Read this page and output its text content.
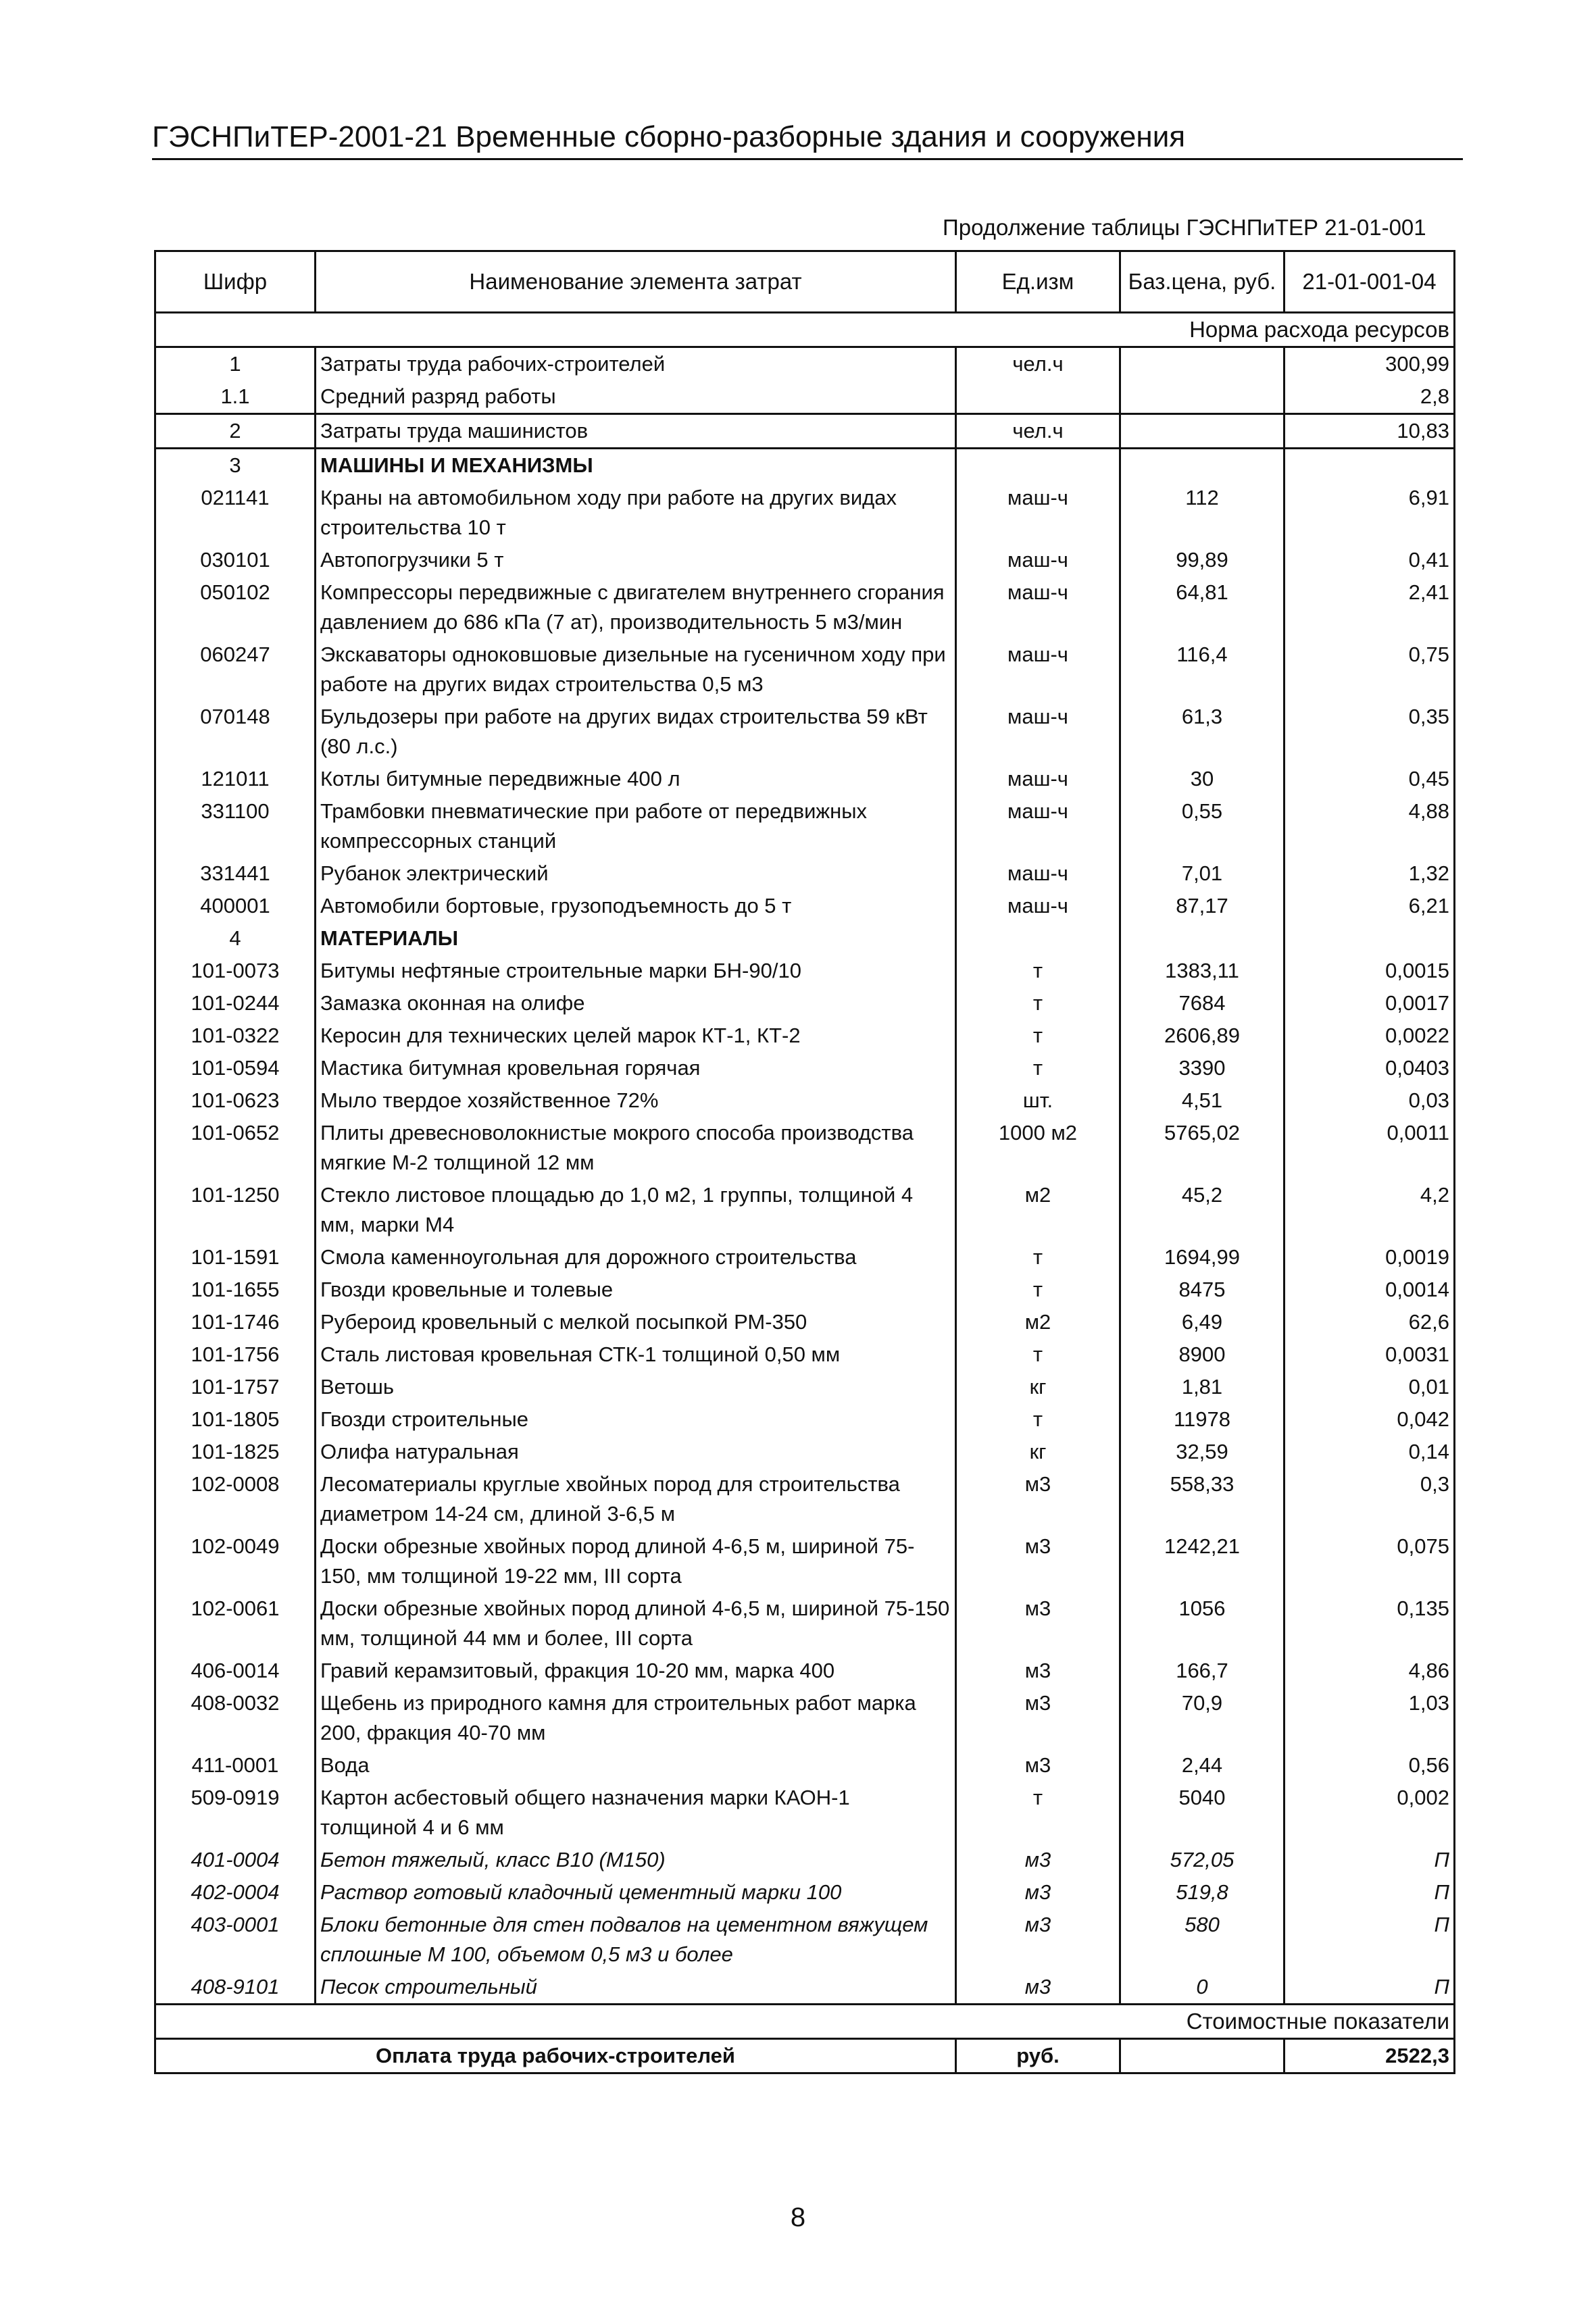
ГЭСНПиТЕР-2001-21 Временные сборно-разборные здания и сооружения
Продолжение таблицы ГЭСНПиТЕР 21-01-001
Шифр	Наименование элемента затрат	Ед.изм	Баз.цена, руб.	21-01-001-04
Норма расхода ресурсов				
1	Затраты труда рабочих-строителей	чел.ч		300,99
1.1	Средний разряд работы			2,8
2	Затраты труда машинистов	чел.ч		10,83
3	МАШИНЫ И МЕХАНИЗМЫ			
021141	Краны на автомобильном ходу при работе на других видах строительства 10 т	маш-ч	112	6,91
030101	Автопогрузчики 5 т	маш-ч	99,89	0,41
050102	Компрессоры передвижные с двигателем внутреннего сгорания давлением до 686 кПа (7 ат), производительность 5 м3/мин	маш-ч	64,81	2,41
060247	Экскаваторы одноковшовые дизельные на гусеничном ходу при работе на других видах строительства 0,5 м3	маш-ч	116,4	0,75
070148	Бульдозеры при работе на других видах строительства 59 кВт (80 л.с.)	маш-ч	61,3	0,35
121011	Котлы битумные передвижные 400 л	маш-ч	30	0,45
331100	Трамбовки пневматические при работе от передвижных компрессорных станций	маш-ч	0,55	4,88
331441	Рубанок электрический	маш-ч	7,01	1,32
400001	Автомобили бортовые, грузоподъемность до 5 т	маш-ч	87,17	6,21
4	МАТЕРИАЛЫ			
101-0073	Битумы нефтяные строительные марки БН-90/10	т	1383,11	0,0015
101-0244	Замазка оконная на олифе	т	7684	0,0017
101-0322	Керосин для технических целей марок КТ-1, КТ-2	т	2606,89	0,0022
101-0594	Мастика битумная кровельная горячая	т	3390	0,0403
101-0623	Мыло твердое хозяйственное 72%	шт.	4,51	0,03
101-0652	Плиты древесноволокнистые мокрого способа производства мягкие М-2 толщиной 12 мм	1000 м2	5765,02	0,0011
101-1250	Стекло листовое площадью до 1,0 м2, 1 группы, толщиной 4 мм, марки М4	м2	45,2	4,2
101-1591	Смола каменноугольная для дорожного строительства	т	1694,99	0,0019
101-1655	Гвозди кровельные и толевые	т	8475	0,0014
101-1746	Рубероид кровельный с мелкой посыпкой РМ-350	м2	6,49	62,6
101-1756	Сталь листовая кровельная СТК-1 толщиной 0,50 мм	т	8900	0,0031
101-1757	Ветошь	кг	1,81	0,01
101-1805	Гвозди строительные	т	11978	0,042
101-1825	Олифа натуральная	кг	32,59	0,14
102-0008	Лесоматериалы круглые хвойных пород для строительства диаметром 14-24 см, длиной 3-6,5 м	м3	558,33	0,3
102-0049	Доски обрезные хвойных пород длиной 4-6,5 м, шириной 75-150, мм толщиной 19-22 мм, III сорта	м3	1242,21	0,075
102-0061	Доски обрезные хвойных пород длиной 4-6,5 м, шириной 75-150 мм, толщиной 44 мм и более, III сорта	м3	1056	0,135
406-0014	Гравий керамзитовый, фракция 10-20 мм, марка 400	м3	166,7	4,86
408-0032	Щебень из природного камня для строительных работ марка 200, фракция 40-70 мм	м3	70,9	1,03
411-0001	Вода	м3	2,44	0,56
509-0919	Картон асбестовый общего назначения марки КАОН-1 толщиной 4 и 6 мм	т	5040	0,002
401-0004	Бетон тяжелый, класс В10 (М150)	м3	572,05	П
402-0004	Раствор готовый кладочный цементный марки 100	м3	519,8	П
403-0001	Блоки бетонные для стен подвалов на цементном вяжущем сплошные М 100, объемом 0,5 м3 и более	м3	580	П
408-9101	Песок строительный	м3	0	П
Стоимостные показатели				
Оплата труда рабочих-строителей		руб.		2522,3
8
